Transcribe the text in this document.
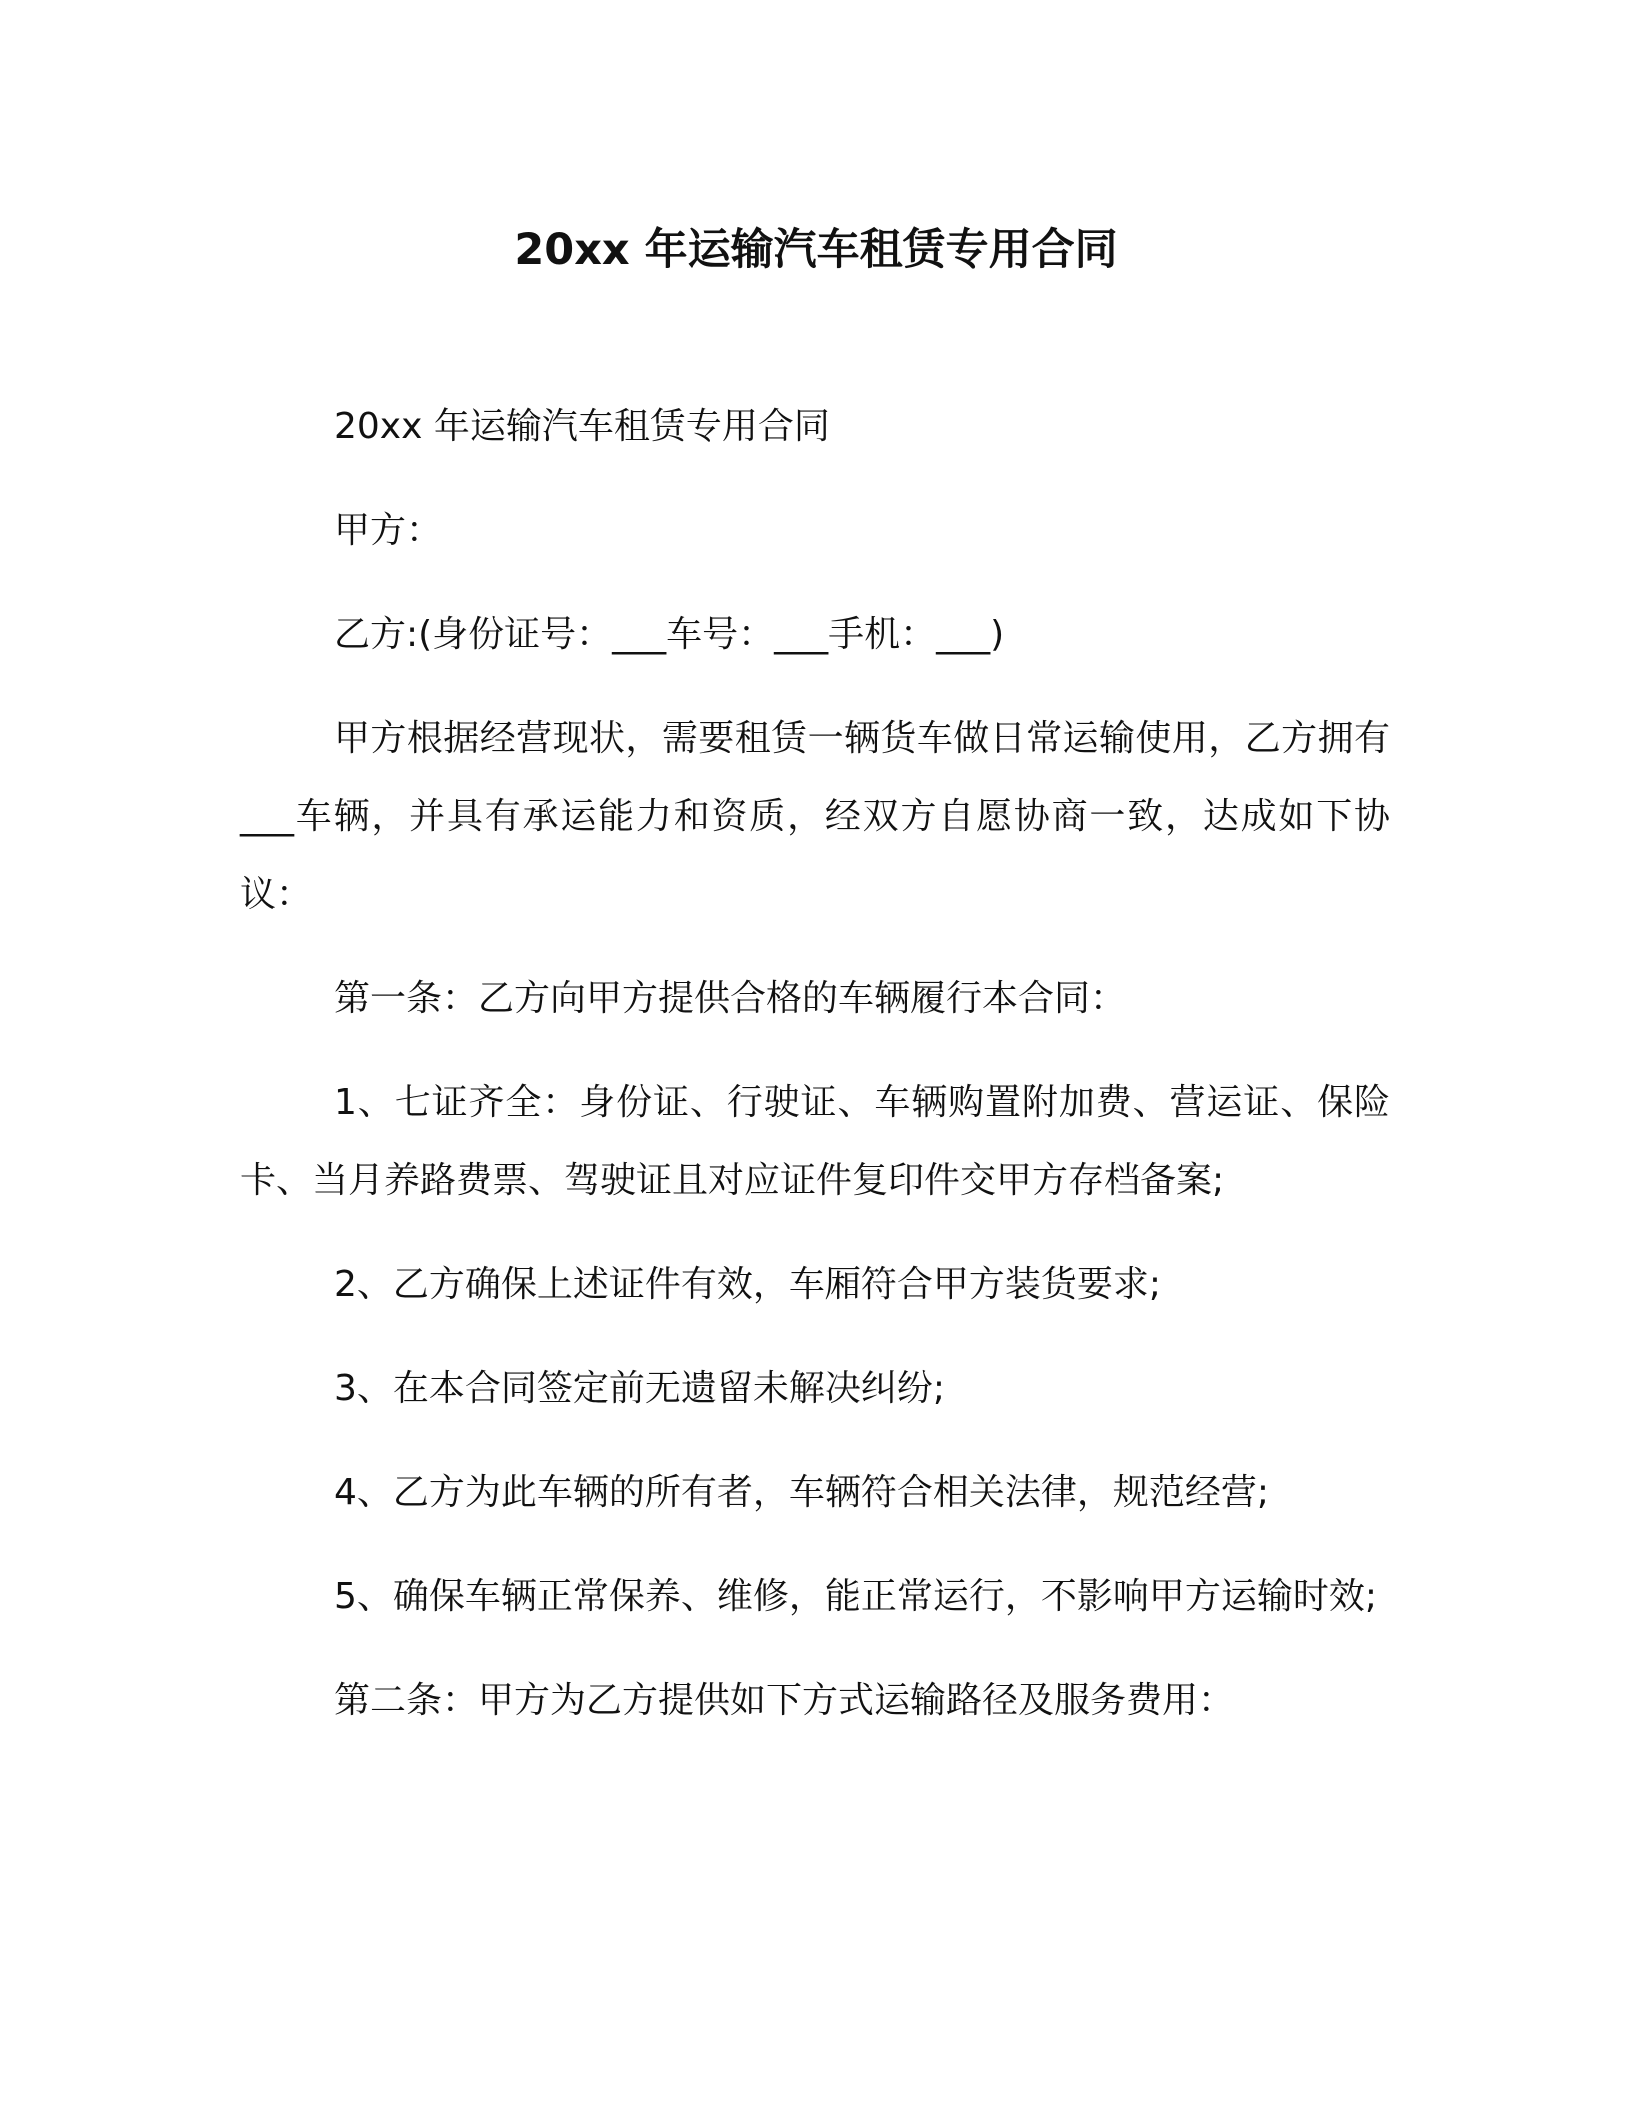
20xx 年运输汽车租赁专用合同

20xx 年运输汽车租赁专用合同

甲方：

乙方:(身份证号：___车号：___手机：___)

甲方根据经营现状，需要租赁一辆货车做日常运输使用，乙方拥有___车辆，并具有承运能力和资质，经双方自愿协商一致，达成如下协议：

第一条：乙方向甲方提供合格的车辆履行本合同：

1、七证齐全：身份证、行驶证、车辆购置附加费、营运证、保险卡、当月养路费票、驾驶证且对应证件复印件交甲方存档备案;

2、乙方确保上述证件有效，车厢符合甲方装货要求;

3、在本合同签定前无遗留未解决纠纷;

4、乙方为此车辆的所有者，车辆符合相关法律，规范经营;

5、确保车辆正常保养、维修，能正常运行，不影响甲方运输时效;

第二条：甲方为乙方提供如下方式运输路径及服务费用：
